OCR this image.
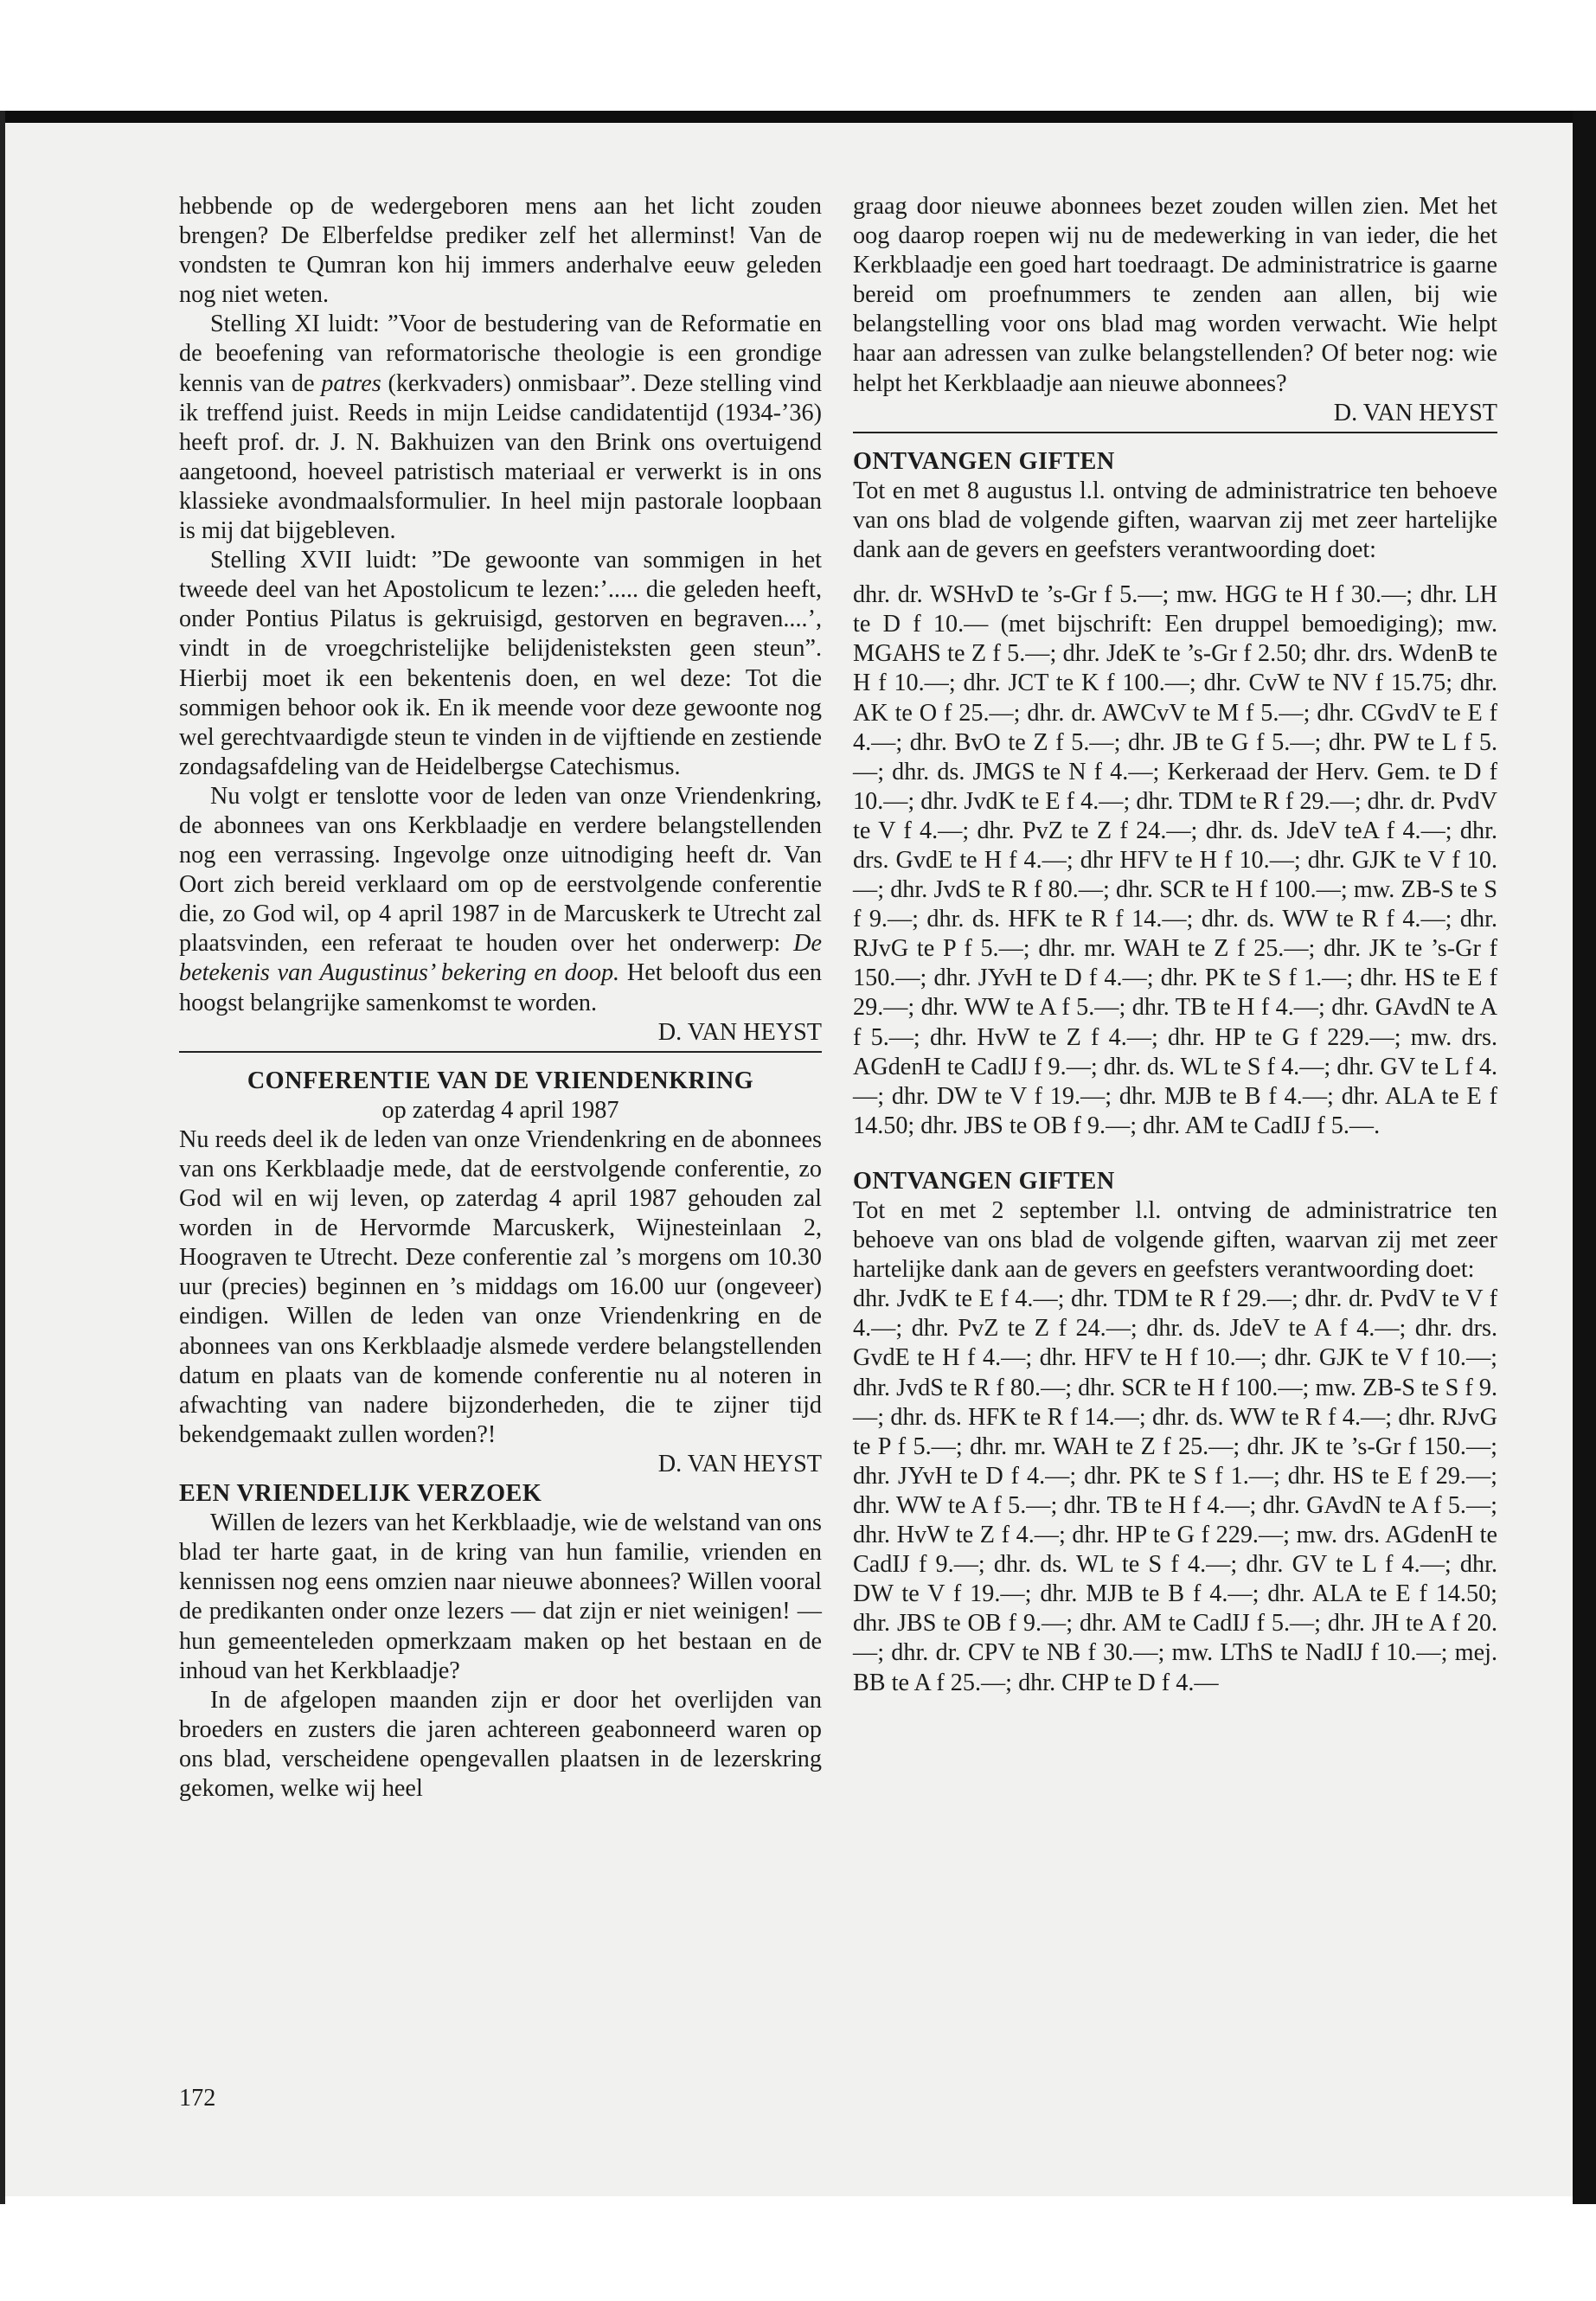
hebbende op de wedergeboren mens aan het licht zouden brengen? De Elberfeldse prediker zelf het allerminst! Van de vondsten te Qumran kon hij immers anderhalve eeuw geleden nog niet weten.

Stelling XI luidt: ”Voor de bestudering van de Reformatie en de beoefening van reformatorische theologie is een grondige kennis van de patres (kerkvaders) onmisbaar”. Deze stelling vind ik treffend juist. Reeds in mijn Leidse candidatentijd (1934-’36) heeft prof. dr. J. N. Bakhuizen van den Brink ons overtuigend aangetoond, hoeveel patristisch materiaal er verwerkt is in ons klassieke avondmaalsformulier. In heel mijn pastorale loopbaan is mij dat bijgebleven.

Stelling XVII luidt: ”De gewoonte van sommigen in het tweede deel van het Apostolicum te lezen:’..... die geleden heeft, onder Pontius Pilatus is gekruisigd, gestorven en begraven....’, vindt in de vroegchristelijke belijdenisteksten geen steun”. Hierbij moet ik een bekentenis doen, en wel deze: Tot die sommigen behoor ook ik. En ik meende voor deze gewoonte nog wel gerechtvaardigde steun te vinden in de vijftiende en zestiende zondagsafdeling van de Heidelbergse Catechismus.

Nu volgt er tenslotte voor de leden van onze Vriendenkring, de abonnees van ons Kerkblaadje en verdere belangstellenden nog een verrassing. Ingevolge onze uitnodiging heeft dr. Van Oort zich bereid verklaard om op de eerstvolgende conferentie die, zo God wil, op 4 april 1987 in de Marcuskerk te Utrecht zal plaatsvinden, een referaat te houden over het onderwerp: De betekenis van Augustinus’ bekering en doop. Het belooft dus een hoogst belangrijke samenkomst te worden.

D. VAN HEYST

CONFERENTIE VAN DE VRIENDENKRING

op zaterdag 4 april 1987

Nu reeds deel ik de leden van onze Vriendenkring en de abonnees van ons Kerkblaadje mede, dat de eerstvolgende conferentie, zo God wil en wij leven, op zaterdag 4 april 1987 gehouden zal worden in de Hervormde Marcuskerk, Wijnesteinlaan 2, Hoograven te Utrecht. Deze conferentie zal ’s morgens om 10.30 uur (precies) beginnen en ’s middags om 16.00 uur (ongeveer) eindigen. Willen de leden van onze Vriendenkring en de abonnees van ons Kerkblaadje alsmede verdere belangstellenden datum en plaats van de komende conferentie nu al noteren in afwachting van nadere bijzonderheden, die te zijner tijd bekendgemaakt zullen worden?!

D. VAN HEYST

EEN VRIENDELIJK VERZOEK

Willen de lezers van het Kerkblaadje, wie de welstand van ons blad ter harte gaat, in de kring van hun familie, vrienden en kennissen nog eens omzien naar nieuwe abonnees? Willen vooral de predikanten onder onze lezers — dat zijn er niet weinigen! — hun gemeenteleden opmerkzaam maken op het bestaan en de inhoud van het Kerkblaadje?

In de afgelopen maanden zijn er door het overlijden van broeders en zusters die jaren achtereen geabonneerd waren op ons blad, verscheidene opengevallen plaatsen in de lezerskring gekomen, welke wij heel

graag door nieuwe abonnees bezet zouden willen zien. Met het oog daarop roepen wij nu de medewerking in van ieder, die het Kerkblaadje een goed hart toedraagt. De administratrice is gaarne bereid om proefnummers te zenden aan allen, bij wie belangstelling voor ons blad mag worden verwacht. Wie helpt haar aan adressen van zulke belangstellenden? Of beter nog: wie helpt het Kerkblaadje aan nieuwe abonnees?

D. VAN HEYST

ONTVANGEN GIFTEN

Tot en met 8 augustus l.l. ontving de administratrice ten behoeve van ons blad de volgende giften, waarvan zij met zeer hartelijke dank aan de gevers en geefsters verantwoording doet:

dhr. dr. WSHvD te ’s-Gr f 5.—; mw. HGG te H f 30.—; dhr. LH te D f 10.— (met bijschrift: Een druppel bemoediging); mw. MGAHS te Z f 5.—; dhr. JdeK te ’s-Gr f 2.50; dhr. drs. WdenB te H f 10.—; dhr. JCT te K f 100.—; dhr. CvW te NV f 15.75; dhr. AK te O f 25.—; dhr. dr. AWCvV te M f 5.—; dhr. CGvdV te E f 4.—; dhr. BvO te Z f 5.—; dhr. JB te G f 5.—; dhr. PW te L f 5.—; dhr. ds. JMGS te N f 4.—; Kerkeraad der Herv. Gem. te D f 10.—; dhr. JvdK te E f 4.—; dhr. TDM te R f 29.—; dhr. dr. PvdV te V f 4.—; dhr. PvZ te Z f 24.—; dhr. ds. JdeV teA f 4.—; dhr. drs. GvdE te H f 4.—; dhr HFV te H f 10.—; dhr. GJK te V f 10.—; dhr. JvdS te R f 80.—; dhr. SCR te H f 100.—; mw. ZB-S te S f 9.—; dhr. ds. HFK te R f 14.—; dhr. ds. WW te R f 4.—; dhr. RJvG te P f 5.—; dhr. mr. WAH te Z f 25.—; dhr. JK te ’s-Gr f 150.—; dhr. JYvH te D f 4.—; dhr. PK te S f 1.—; dhr. HS te E f 29.—; dhr. WW te A f 5.—; dhr. TB te H f 4.—; dhr. GAvdN te A f 5.—; dhr. HvW te Z f 4.—; dhr. HP te G f 229.—; mw. drs. AGdenH te CadIJ f 9.—; dhr. ds. WL te S f 4.—; dhr. GV te L f 4.—; dhr. DW te V f 19.—; dhr. MJB te B f 4.—; dhr. ALA te E f 14.50; dhr. JBS te OB f 9.—; dhr. AM te CadIJ f 5.—.

ONTVANGEN GIFTEN

Tot en met 2 september l.l. ontving de administratrice ten behoeve van ons blad de volgende giften, waarvan zij met zeer hartelijke dank aan de gevers en geefsters verantwoording doet:

dhr. JvdK te E f 4.—; dhr. TDM te R f 29.—; dhr. dr. PvdV te V f 4.—; dhr. PvZ te Z f 24.—; dhr. ds. JdeV te A f 4.—; dhr. drs. GvdE te H f 4.—; dhr. HFV te H f 10.—; dhr. GJK te V f 10.—; dhr. JvdS te R f 80.—; dhr. SCR te H f 100.—; mw. ZB-S te S f 9.—; dhr. ds. HFK te R f 14.—; dhr. ds. WW te R f 4.—; dhr. RJvG te P f 5.—; dhr. mr. WAH te Z f 25.—; dhr. JK te ’s-Gr f 150.—; dhr. JYvH te D f 4.—; dhr. PK te S f 1.—; dhr. HS te E f 29.—; dhr. WW te A f 5.—; dhr. TB te H f 4.—; dhr. GAvdN te A f 5.—; dhr. HvW te Z f 4.—; dhr. HP te G f 229.—; mw. drs. AGdenH te CadIJ f 9.—; dhr. ds. WL te S f 4.—; dhr. GV te L f 4.—; dhr. DW te V f 19.—; dhr. MJB te B f 4.—; dhr. ALA te E f 14.50; dhr. JBS te OB f 9.—; dhr. AM te CadIJ f 5.—; dhr. JH te A f 20.—; dhr. dr. CPV te NB f 30.—; mw. LThS te NadIJ f 10.—; mej. BB te A f 25.—; dhr. CHP te D f 4.—

172
